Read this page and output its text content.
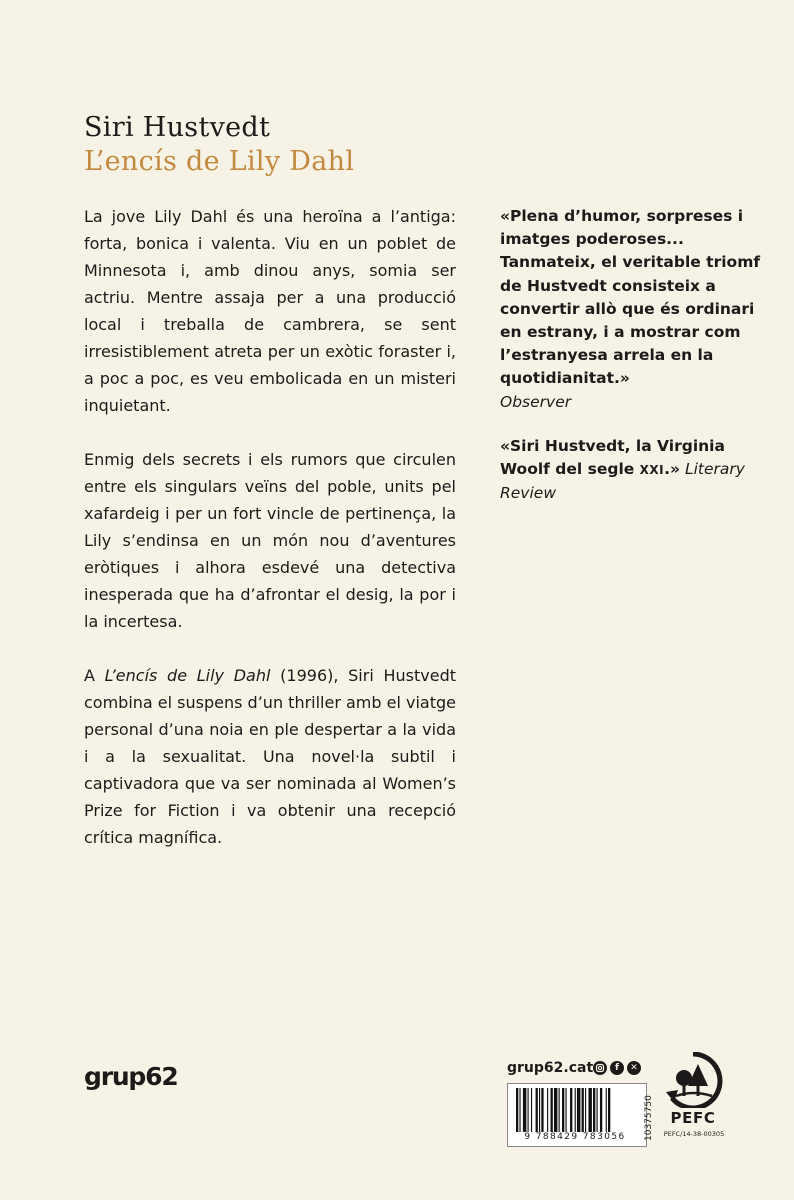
Siri Hustvedt
L’encís de Lily Dahl

La jove Lily Dahl és una heroïna a l’antiga: forta, bonica i valenta. Viu en un poblet de Minnesota i, amb dinou anys, somia ser actriu. Mentre assaja per a una producció local i treballa de cambrera, se sent irresistiblement atreta per un exòtic foraster i, a poc a poc, es veu embolicada en un misteri inquietant.

Enmig dels secrets i els rumors que circulen entre els singulars veïns del poble, units pel xafardeig i per un fort vincle de pertinença, la Lily s’endinsa en un món nou d’aventures eròtiques i alhora esdevé una detectiva inesperada que ha d’afrontar el desig, la por i la incertesa.

A L’encís de Lily Dahl (1996), Siri Hustvedt combina el suspens d’un thriller amb el viatge personal d’una noia en ple despertar a la vida i a la sexualitat. Una novel·la subtil i captivadora que va ser nominada al Women’s Prize for Fiction i va obtenir una recepció crítica magnífica.

«Plena d’humor, sorpreses i imatges poderoses... Tanmateix, el veritable triomf de Hustvedt consisteix a convertir allò que és ordinari en estrany, i a mostrar com l’estranyesa arrela en la quotidianitat.»
Observer

«Siri Hustvedt, la Virginia Woolf del segle XXI.» Literary Review

grup62	grup62.cat	f	✕
9 788429 783056	10375750	PEFC
PEFC/14-38-00305
